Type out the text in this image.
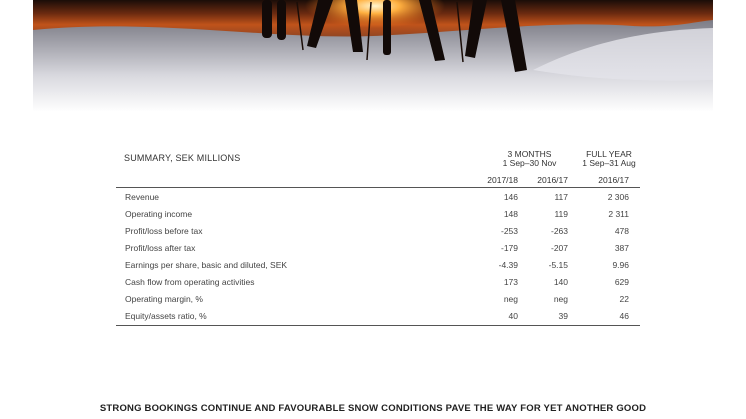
SUMMARY, SEK MILLIONS	3 MONTHS
1 Sep–30 Nov
FULL YEAR
1 Sep–31 Aug
2017/18	2016/17	2016/17
Revenue	146	117	2 306
Operating income	148	119	2 311
Profit/loss before tax	-253	-263	478
Profit/loss after tax	-179	-207	387
Earnings per share, basic and diluted, SEK	-4.39	-5.15	9.96
Cash flow from operating activities	173	140	629
Operating margin, %	neg	neg	22
Equity/assets ratio, %	40	39	46
STRONG BOOKINGS CONTINUE AND FAVOURABLE SNOW CONDITIONS PAVE THE WAY FOR YET ANOTHER GOOD
